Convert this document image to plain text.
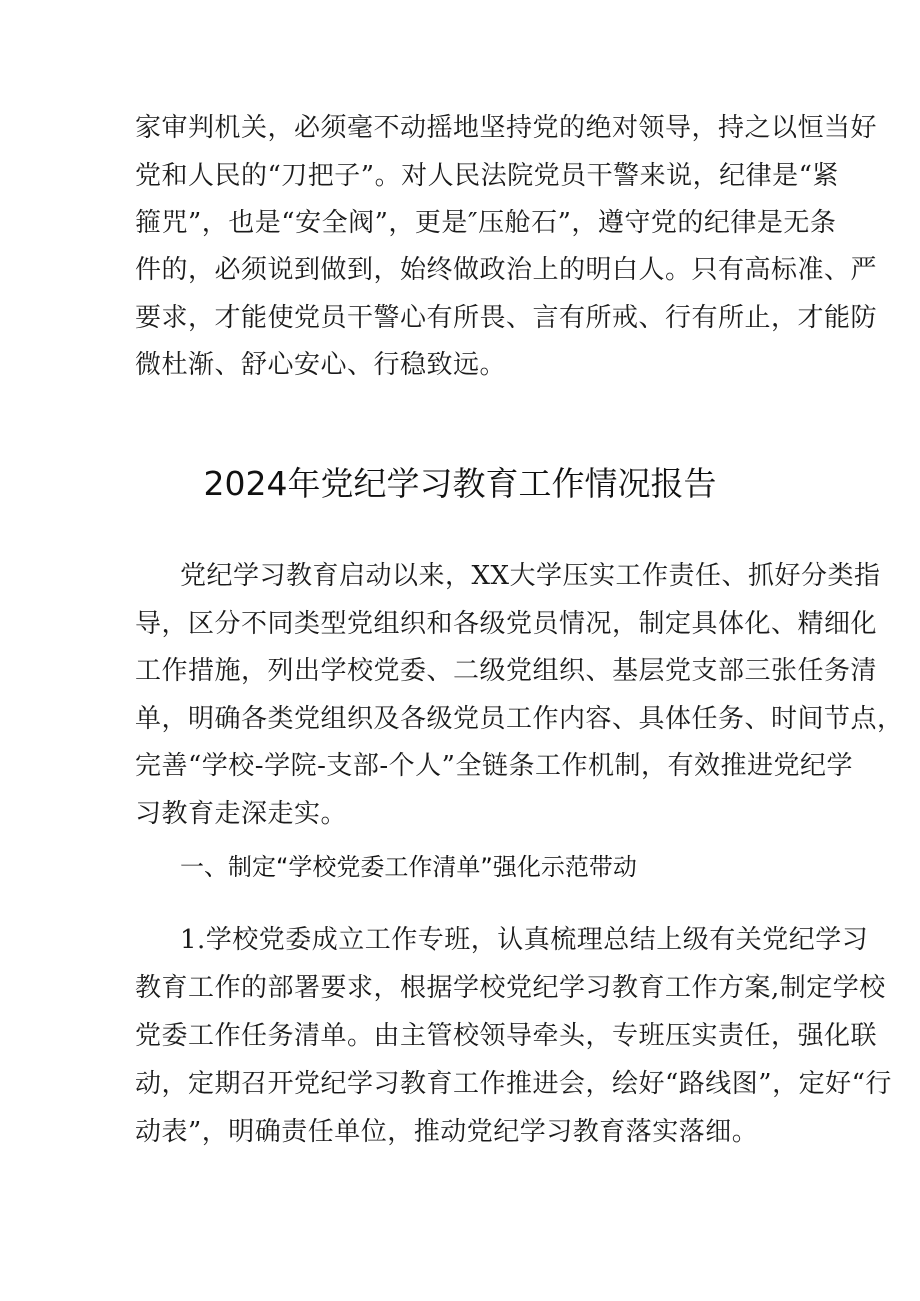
家审判机关，必须毫不动摇地坚持党的绝对领导，持之以恒当好
党和人民的“刀把子”。对人民法院党员干警来说，纪律是“紧
箍咒”，也是“安全阀”，更是″压舱石”，遵守党的纪律是无条
件的，必须说到做到，始终做政治上的明白人。只有高标准、严
要求，才能使党员干警心有所畏、言有所戒、行有所止，才能防
微杜渐、舒心安心、行稳致远。
2024年党纪学习教育工作情况报告
党纪学习教育启动以来，XX大学压实工作责任、抓好分类指
导，区分不同类型党组织和各级党员情况，制定具体化、精细化
工作措施，列出学校党委、二级党组织、基层党支部三张任务清
单，明确各类党组织及各级党员工作内容、具体任务、时间节点，
完善“学校-学院-支部-个人”全链条工作机制，有效推进党纪学
习教育走深走实。
一、制定“学校党委工作清单”强化示范带动
1.学校党委成立工作专班，认真梳理总结上级有关党纪学习
教育工作的部署要求，根据学校党纪学习教育工作方案,制定学校
党委工作任务清单。由主管校领导牵头，专班压实责任，强化联
动，定期召开党纪学习教育工作推进会，绘好“路线图”，定好“行
动表”，明确责任单位，推动党纪学习教育落实落细。
